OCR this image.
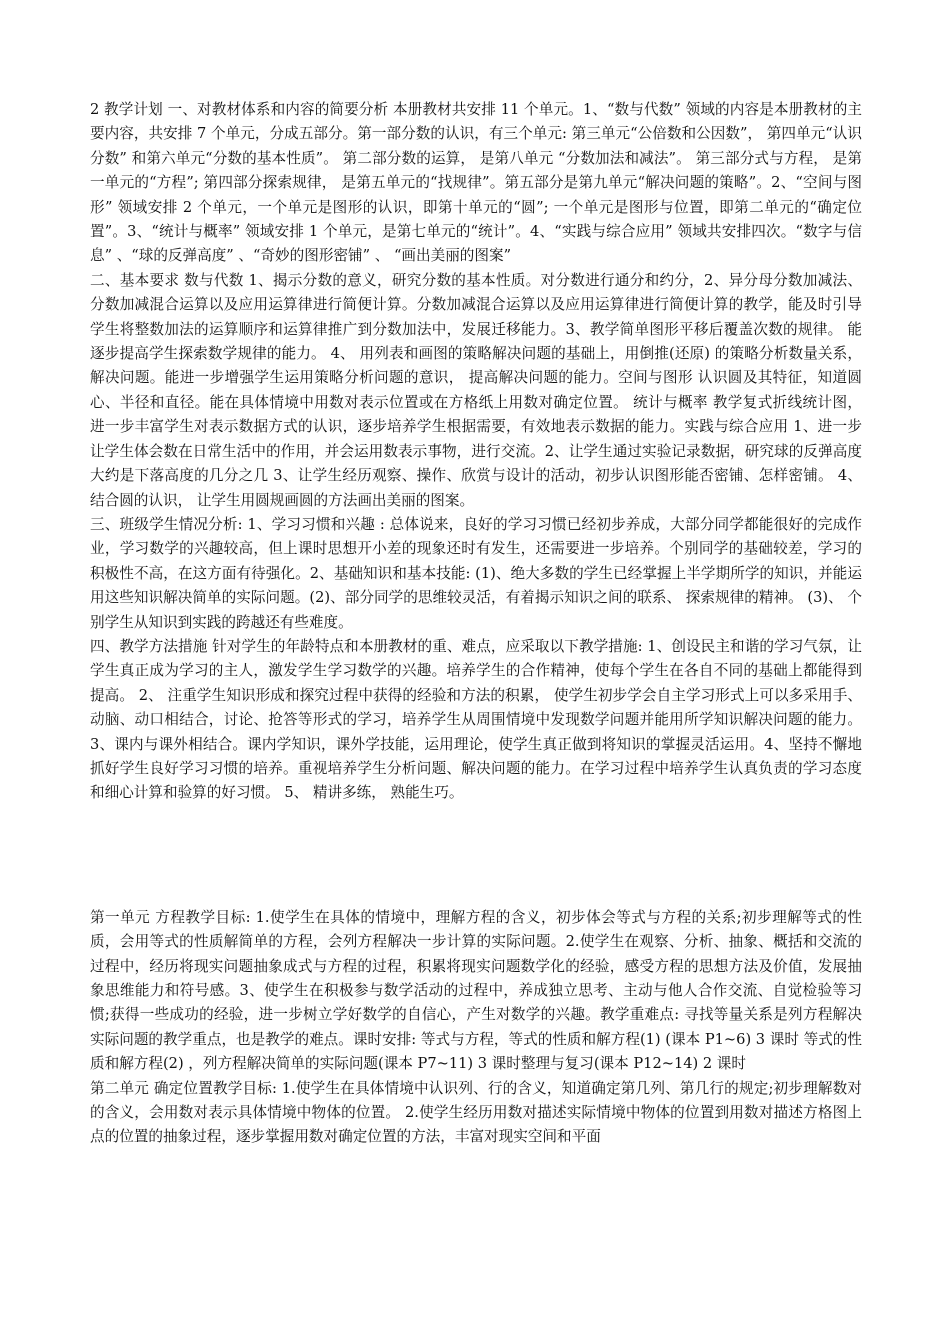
2 教学计划 一、对教材体系和内容的简要分析 本册教材共安排 11 个单元。1、“数与代数” 领域的内容是本册教材的主要内容，共安排 7 个单元，分成五部分。第一部分数的认识，有三个单元: 第三单元“公倍数和公因数”， 第四单元“认识分数” 和第六单元“分数的基本性质”。 第二部分数的运算， 是第八单元 “分数加法和减法”。 第三部分式与方程， 是第一单元的“方程”; 第四部分探索规律， 是第五单元的“找规律”。第五部分是第九单元“解决问题的策略”。2、“空间与图形” 领域安排 2 个单元，一个单元是图形的认识，即第十单元的“圆”; 一个单元是图形与位置，即第二单元的“确定位置”。3、“统计与概率” 领域安排 1 个单元，是第七单元的“统计”。4、“实践与综合应用” 领域共安排四次。“数字与信息” 、“球的反弹高度” 、“奇妙的图形密铺” 、 “画出美丽的图案”

二、基本要求 数与代数 1、揭示分数的意义，研究分数的基本性质。对分数进行通分和约分，2、异分母分数加减法、分数加减混合运算以及应用运算律进行简便计算。分数加减混合运算以及应用运算律进行简便计算的教学，能及时引导学生将整数加法的运算顺序和运算律推广到分数加法中，发展迁移能力。3、教学简单图形平移后覆盖次数的规律。 能逐步提高学生探索数学规律的能力。 4、 用列表和画图的策略解决问题的基础上，用倒推(还原) 的策略分析数量关系，解决问题。能进一步增强学生运用策略分析问题的意识， 提高解决问题的能力。空间与图形 认识圆及其特征，知道圆心、半径和直径。能在具体情境中用数对表示位置或在方格纸上用数对确定位置。 统计与概率 教学复式折线统计图， 进一步丰富学生对表示数据方式的认识，逐步培养学生根据需要，有效地表示数据的能力。实践与综合应用 1、进一步让学生体会数在日常生活中的作用，并会运用数表示事物，进行交流。2、让学生通过实验记录数据，研究球的反弹高度大约是下落高度的几分之几 3、让学生经历观察、操作、欣赏与设计的活动，初步认识图形能否密铺、怎样密铺。 4、 结合圆的认识， 让学生用圆规画圆的方法画出美丽的图案。

三、班级学生情况分析: 1、学习习惯和兴趣 : 总体说来，良好的学习习惯已经初步养成，大部分同学都能很好的完成作业，学习数学的兴趣较高，但上课时思想开小差的现象还时有发生，还需要进一步培养。个别同学的基础较差，学习的积极性不高，在这方面有待强化。2、基础知识和基本技能: (1)、绝大多数的学生已经掌握上半学期所学的知识，并能运用这些知识解决简单的实际问题。(2)、部分同学的思维较灵活，有着揭示知识之间的联系、 探索规律的精神。 (3)、 个别学生从知识到实践的跨越还有些难度。

四、教学方法措施 针对学生的年龄特点和本册教材的重、难点，应采取以下教学措施: 1、创设民主和谐的学习气氛，让学生真正成为学习的主人，激发学生学习数学的兴趣。培养学生的合作精神，使每个学生在各自不同的基础上都能得到提高。 2、 注重学生知识形成和探究过程中获得的经验和方法的积累， 使学生初步学会自主学习形式上可以多采用手、动脑、动口相结合，讨论、抢答等形式的学习，培养学生从周围情境中发现数学问题并能用所学知识解决问题的能力。3、课内与课外相结合。课内学知识，课外学技能，运用理论，使学生真正做到将知识的掌握灵活运用。4、坚持不懈地抓好学生良好学习习惯的培养。重视培养学生分析问题、解决问题的能力。在学习过程中培养学生认真负责的学习态度和细心计算和验算的好习惯。 5、 精讲多练， 熟能生巧。

第一单元 方程教学目标: 1.使学生在具体的情境中，理解方程的含义，初步体会等式与方程的关系;初步理解等式的性质，会用等式的性质解简单的方程，会列方程解决一步计算的实际问题。2.使学生在观察、分析、抽象、概括和交流的过程中，经历将现实问题抽象成式与方程的过程，积累将现实问题数学化的经验，感受方程的思想方法及价值，发展抽象思维能力和符号感。3、使学生在积极参与数学活动的过程中，养成独立思考、主动与他人合作交流、自觉检验等习惯;获得一些成功的经验，进一步树立学好数学的自信心，产生对数学的兴趣。教学重难点: 寻找等量关系是列方程解决实际问题的教学重点，也是教学的难点。课时安排: 等式与方程，等式的性质和解方程(1) (课本 P1~6) 3 课时 等式的性质和解方程(2) ，列方程解决简单的实际问题(课本 P7~11) 3 课时整理与复习(课本 P12~14) 2 课时

第二单元 确定位置教学目标: 1.使学生在具体情境中认识列、行的含义，知道确定第几列、第几行的规定;初步理解数对的含义，会用数对表示具体情境中物体的位置。 2.使学生经历用数对描述实际情境中物体的位置到用数对描述方格图上点的位置的抽象过程，逐步掌握用数对确定位置的方法，丰富对现实空间和平面
